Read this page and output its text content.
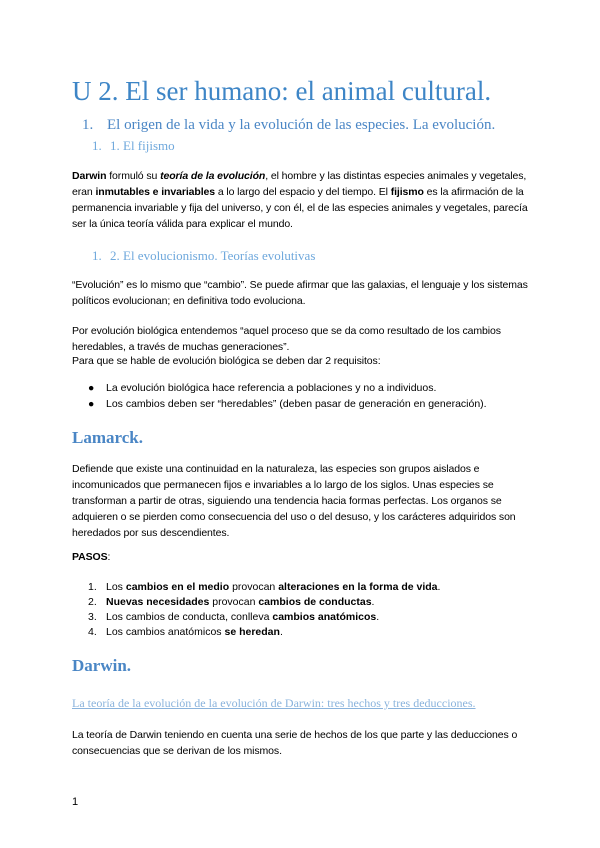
U 2. El ser humano: el animal cultural.
1. El origen de la vida y la evolución de las especies. La evolución.
1. 1. El fijismo

Darwin formuló su teoría de la evolución, el hombre y las distintas especies animales y vegetales, eran inmutables e invariables a lo largo del espacio y del tiempo. El fijismo es la afirmación de la permanencia invariable y fija del universo, y con él, el de las especies animales y vegetales, parecía ser la única teoría válida para explicar el mundo.

1. 2. El evolucionismo. Teorías evolutivas

“Evolución” es lo mismo que “cambio”. Se puede afirmar que las galaxias, el lenguaje y los sistemas políticos evolucionan; en definitiva todo evoluciona.

Por evolución biológica entendemos “aquel proceso que se da como resultado de los cambios heredables, a través de muchas generaciones”.

Para que se hable de evolución biológica se deben dar 2 requisitos:

● La evolución biológica hace referencia a poblaciones y no a individuos.
● Los cambios deben ser “heredables” (deben pasar de generación en generación).
Lamarck.

Defiende que existe una continuidad en la naturaleza, las especies son grupos aislados e incomunicados que permanecen fijos e invariables a lo largo de los siglos. Unas especies se transforman a partir de otras, siguiendo una tendencia hacia formas perfectas. Los organos se adquieren o se pierden como consecuencia del uso o del desuso, y los carácteres adquiridos son heredados por sus descendientes.

PASOS:

1. Los cambios en el medio provocan alteraciones en la forma de vida.
2. Nuevas necesidades provocan cambios de conductas.
3. Los cambios de conducta, conlleva cambios anatómicos.
4. Los cambios anatómicos se heredan.
Darwin.
La teoría de la evolución de la evolución de Darwin: tres hechos y tres deducciones.

La teoría de Darwin teniendo en cuenta una serie de hechos de los que parte y las deducciones o consecuencias que se derivan de los mismos.

1
